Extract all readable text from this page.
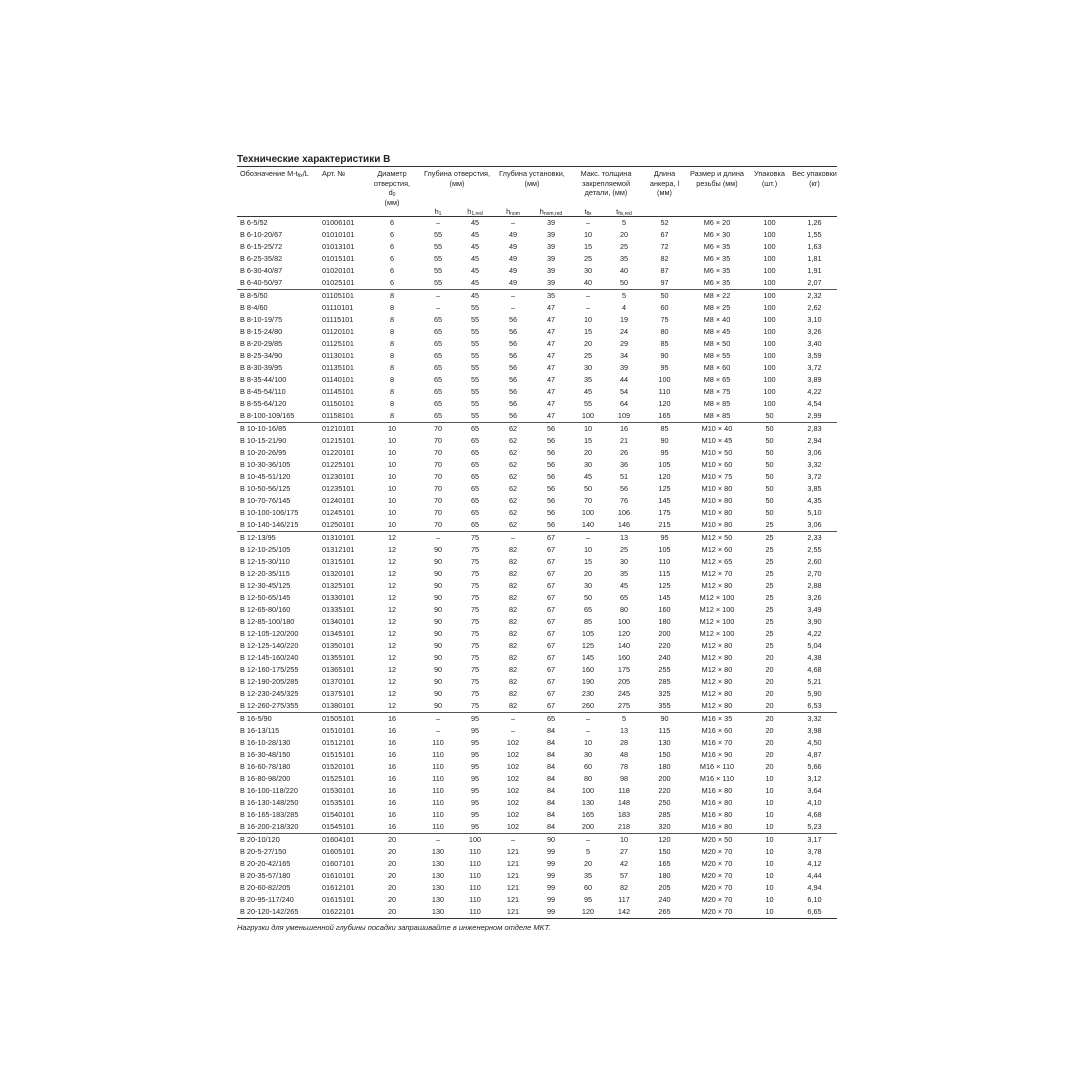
Технические характеристики B
Обозначение $M-t_{fix}/L$	Арт. №	Диаметр отверстия,
$d_0$
(мм)	Глубина отверстия, (мм)		Глубина установки, (мм)		Макс. толщина закрепляемой детали, (мм)		Длина анкера, l (мм)	Размер и длина резьбы (мм)	Упаковка (шт.)	Вес упаковки (кг)
			$h_1$	$h_{1,red}$	$h_{nom}$	$h_{nom,red}$	$t_{fix}$	$t_{fix,red}$
B 6-5/52	01006101	6	–	45	–	39	–	5	52	M6 × 20	100	1,26
B 6-10-20/67	01010101	6	55	45	49	39	10	20	67	M6 × 30	100	1,55
B 6-15-25/72	01013101	6	55	45	49	39	15	25	72	M6 × 35	100	1,63
B 6-25-35/82	01015101	6	55	45	49	39	25	35	82	M6 × 35	100	1,81
B 6-30-40/87	01020101	6	55	45	49	39	30	40	87	M6 × 35	100	1,91
B 6-40-50/97	01025101	6	55	45	49	39	40	50	97	M6 × 35	100	2,07
B 8-5/50	01105101	8	–	45	–	35	–	5	50	M8 × 22	100	2,32
B 8-4/60	01110101	8	–	55	–	47	–	4	60	M8 × 25	100	2,62
B 8-10-19/75	01115101	8	65	55	56	47	10	19	75	M8 × 40	100	3,10
B 8-15-24/80	01120101	8	65	55	56	47	15	24	80	M8 × 45	100	3,26
B 8-20-29/85	01125101	8	65	55	56	47	20	29	85	M8 × 50	100	3,40
B 8-25-34/90	01130101	8	65	55	56	47	25	34	90	M8 × 55	100	3,59
B 8-30-39/95	01135101	8	65	55	56	47	30	39	95	M8 × 60	100	3,72
B 8-35-44/100	01140101	8	65	55	56	47	35	44	100	M8 × 65	100	3,89
B 8-45-54/110	01145101	8	65	55	56	47	45	54	110	M8 × 75	100	4,22
B 8-55-64/120	01150101	8	65	55	56	47	55	64	120	M8 × 85	100	4,54
B 8-100-109/165	01158101	8	65	55	56	47	100	109	165	M8 × 85	50	2,99
B 10-10-16/85	01210101	10	70	65	62	56	10	16	85	M10 × 40	50	2,83
B 10-15-21/90	01215101	10	70	65	62	56	15	21	90	M10 × 45	50	2,94
B 10-20-26/95	01220101	10	70	65	62	56	20	26	95	M10 × 50	50	3,06
B 10-30-36/105	01225101	10	70	65	62	56	30	36	105	M10 × 60	50	3,32
B 10-45-51/120	01230101	10	70	65	62	56	45	51	120	M10 × 75	50	3,72
B 10-50-56/125	01235101	10	70	65	62	56	50	56	125	M10 × 80	50	3,85
B 10-70-76/145	01240101	10	70	65	62	56	70	76	145	M10 × 80	50	4,35
B 10-100-106/175	01245101	10	70	65	62	56	100	106	175	M10 × 80	50	5,10
B 10-140-146/215	01250101	10	70	65	62	56	140	146	215	M10 × 80	25	3,06
B 12-13/95	01310101	12	–	75	–	67	–	13	95	M12 × 50	25	2,33
B 12-10-25/105	01312101	12	90	75	82	67	10	25	105	M12 × 60	25	2,55
B 12-15-30/110	01315101	12	90	75	82	67	15	30	110	M12 × 65	25	2,60
B 12-20-35/115	01320101	12	90	75	82	67	20	35	115	M12 × 70	25	2,70
B 12-30-45/125	01325101	12	90	75	82	67	30	45	125	M12 × 80	25	2,88
B 12-50-65/145	01330101	12	90	75	82	67	50	65	145	M12 × 100	25	3,26
B 12-65-80/160	01335101	12	90	75	82	67	65	80	160	M12 × 100	25	3,49
B 12-85-100/180	01340101	12	90	75	82	67	85	100	180	M12 × 100	25	3,90
B 12-105-120/200	01345101	12	90	75	82	67	105	120	200	M12 × 100	25	4,22
B 12-125-140/220	01350101	12	90	75	82	67	125	140	220	M12 × 80	25	5,04
B 12-145-160/240	01355101	12	90	75	82	67	145	160	240	M12 × 80	20	4,38
B 12-160-175/255	01365101	12	90	75	82	67	160	175	255	M12 × 80	20	4,68
B 12-190-205/285	01370101	12	90	75	82	67	190	205	285	M12 × 80	20	5,21
B 12-230-245/325	01375101	12	90	75	82	67	230	245	325	M12 × 80	20	5,90
B 12-260-275/355	01380101	12	90	75	82	67	260	275	355	M12 × 80	20	6,53
B 16-5/90	01505101	16	–	95	–	65	–	5	90	M16 × 35	20	3,32
B 16-13/115	01510101	16	–	95	–	84	–	13	115	M16 × 60	20	3,98
B 16-10-28/130	01512101	16	110	95	102	84	10	28	130	M16 × 70	20	4,50
B 16-30-48/150	01515101	16	110	95	102	84	30	48	150	M16 × 90	20	4,87
B 16-60-78/180	01520101	16	110	95	102	84	60	78	180	M16 × 110	20	5,66
B 16-80-98/200	01525101	16	110	95	102	84	80	98	200	M16 × 110	10	3,12
B 16-100-118/220	01530101	16	110	95	102	84	100	118	220	M16 × 80	10	3,64
B 16-130-148/250	01535101	16	110	95	102	84	130	148	250	M16 × 80	10	4,10
B 16-165-183/285	01540101	16	110	95	102	84	165	183	285	M16 × 80	10	4,68
B 16-200-218/320	01545101	16	110	95	102	84	200	218	320	M16 × 80	10	5,23
B 20-10/120	01604101	20	–	100	–	90	–	10	120	M20 × 50	10	3,17
B 20-5-27/150	01605101	20	130	110	121	99	5	27	150	M20 × 70	10	3,78
B 20-20-42/165	01607101	20	130	110	121	99	20	42	165	M20 × 70	10	4,12
B 20-35-57/180	01610101	20	130	110	121	99	35	57	180	M20 × 70	10	4,44
B 20-60-82/205	01612101	20	130	110	121	99	60	82	205	M20 × 70	10	4,94
B 20-95-117/240	01615101	20	130	110	121	99	95	117	240	M20 × 70	10	6,10
B 20-120-142/265	01622101	20	130	110	121	99	120	142	265	M20 × 70	10	6,65
Нагрузки для уменьшенной глубины посадки запрашивайте в инженерном отделе MKT.
